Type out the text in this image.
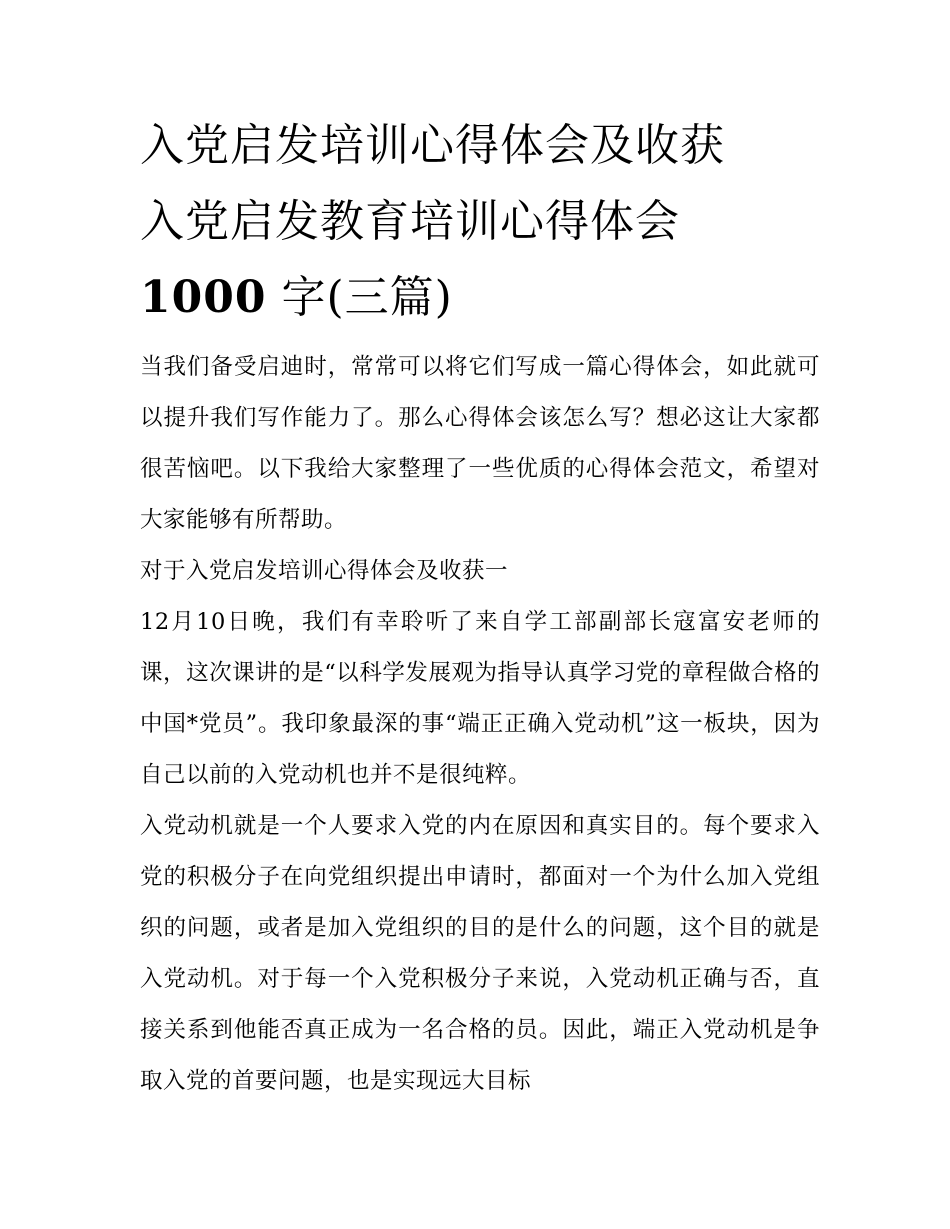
入党启发培训心得体会及收获
入党启发教育培训心得体会
1000 字(三篇)

当我们备受启迪时，常常可以将它们写成一篇心得体会，如此就可以提升我们写作能力了。那么心得体会该怎么写？想必这让大家都很苦恼吧。以下我给大家整理了一些优质的心得体会范文，希望对大家能够有所帮助。

对于入党启发培训心得体会及收获一

12月10日晚，我们有幸聆听了来自学工部副部长寇富安老师的课，这次课讲的是“以科学发展观为指导认真学习党的章程做合格的中国*党员”。我印象最深的事“端正正确入党动机”这一板块，因为自己以前的入党动机也并不是很纯粹。

入党动机就是一个人要求入党的内在原因和真实目的。每个要求入党的积极分子在向党组织提出申请时，都面对一个为什么加入党组织的问题，或者是加入党组织的目的是什么的问题，这个目的就是入党动机。对于每一个入党积极分子来说，入党动机正确与否，直接关系到他能否真正成为一名合格的员。因此，端正入党动机是争取入党的首要问题，也是实现远大目标
